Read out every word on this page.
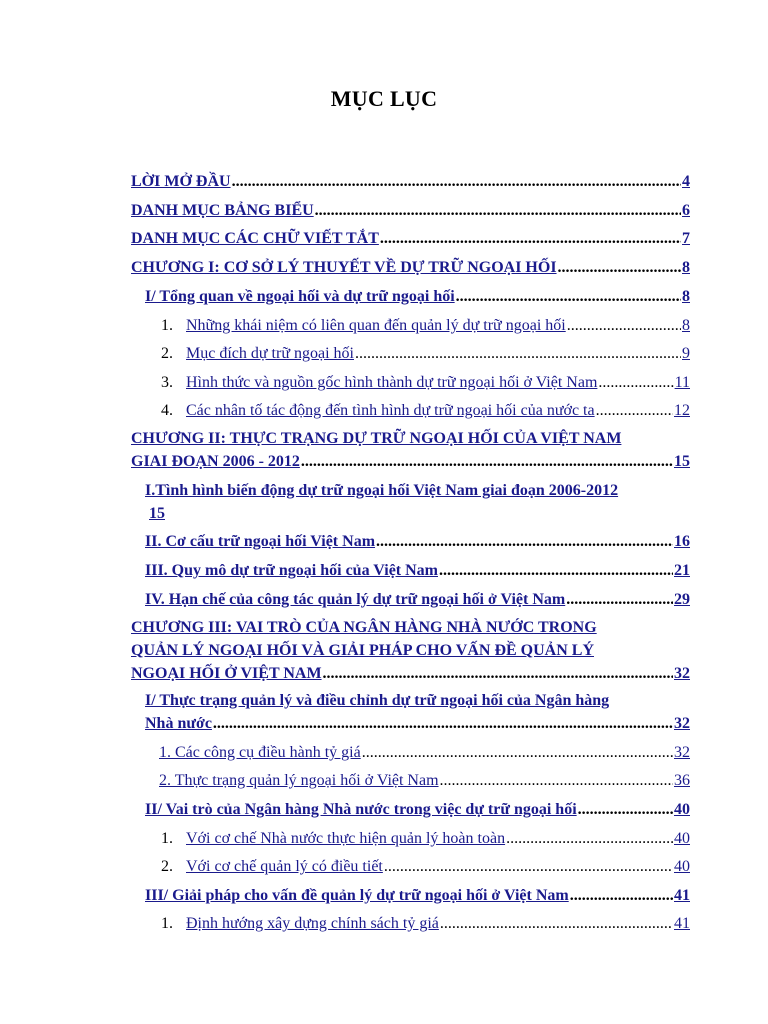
MỤC LỤC
LỜI MỞ ĐẦU .....	4
DANH MỤC BẢNG BIỂU .....	6
DANH MỤC CÁC CHỮ VIẾT TẮT .....	7
CHƯƠNG I: CƠ SỞ LÝ THUYẾT VỀ DỰ TRỮ NGOẠI HỐI .....	8
I/ Tổng quan về ngoại hối và dự trữ ngoại hối .....	8
1. Những khái niệm có liên quan đến quản lý dự trữ ngoại hối .....	8
2. Mục đích dự trữ ngoại hối .....	9
3. Hình thức và nguồn gốc hình thành dự trữ ngoại hối ở Việt Nam .....	11
4. Các nhân tố tác động đến tình hình dự trữ ngoại hối của nước ta .....	12
CHƯƠNG II: THỰC TRẠNG DỰ TRỮ NGOẠI HỐI CỦA VIỆT NAM
GIAI ĐOẠN 2006 - 2012 .....	15
I.Tình hình biến động dự trữ ngoại hối Việt Nam giai đoạn 2006-2012
15
II. Cơ cấu trữ ngoại hối Việt Nam .....	16
III. Quy mô dự trữ ngoại hối của Việt Nam .....	21
IV. Hạn chế của công tác quản lý dự trữ ngoại hối ở Việt Nam .....	29
CHƯƠNG III: VAI TRÒ CỦA NGÂN HÀNG NHÀ NƯỚC TRONG
QUẢN LÝ NGOẠI HỐI VÀ GIẢI PHÁP CHO VẤN ĐỀ QUẢN LÝ
NGOẠI HỐI Ở VIỆT NAM .....	32
I/ Thực trạng quản lý và điều chỉnh dự trữ ngoại hối của Ngân hàng
Nhà nước .....	32
1. Các công cụ điều hành tỷ giá .....	32
2. Thực trạng quản lý ngoại hối ở Việt Nam .....	36
II/ Vai trò của Ngân hàng Nhà nước trong việc dự trữ ngoại hối .....	40
1. Với cơ chế Nhà nước thực hiện quản lý hoàn toàn .....	40
2. Với cơ chế quản lý có điều tiết .....	40
III/ Giải pháp cho vấn đề quản lý dự trữ ngoại hối ở Việt Nam .....	41
1. Định hướng xây dựng chính sách tỷ giá .....	41
